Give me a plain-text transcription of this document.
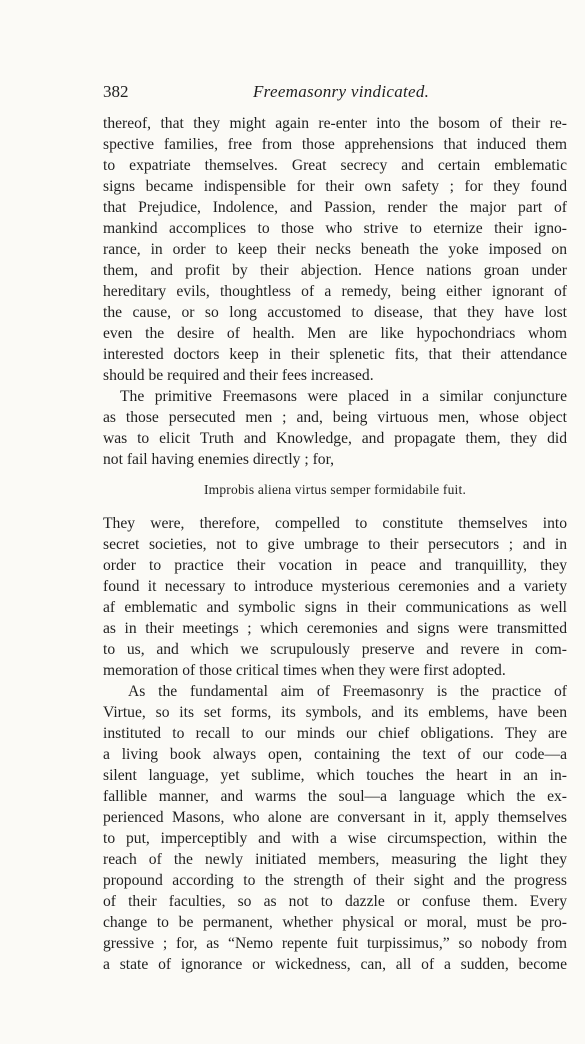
382	Freemasonry vindicated.
thereof, that they might again re-enter into the bosom of their re-
spective families, free from those apprehensions that induced them
to expatriate themselves. Great secrecy and certain emblematic
signs became indispensible for their own safety ; for they found
that Prejudice, Indolence, and Passion, render the major part of
mankind accomplices to those who strive to eternize their igno-
rance, in order to keep their necks beneath the yoke imposed on
them, and profit by their abjection. Hence nations groan under
hereditary evils, thoughtless of a remedy, being either ignorant of
the cause, or so long accustomed to disease, that they have lost
even the desire of health. Men are like hypochondriacs whom
interested doctors keep in their splenetic fits, that their attendance
should be required and their fees increased.
The primitive Freemasons were placed in a similar conjuncture
as those persecuted men ; and, being virtuous men, whose object
was to elicit Truth and Knowledge, and propagate them, they did
not fail having enemies directly ; for,
Improbis aliena virtus semper formidabile fuit.
They were, therefore, compelled to constitute themselves into
secret societies, not to give umbrage to their persecutors ; and in
order to practice their vocation in peace and tranquillity, they
found it necessary to introduce mysterious ceremonies and a variety
af emblematic and symbolic signs in their communications as well
as in their meetings ; which ceremonies and signs were transmitted
to us, and which we scrupulously preserve and revere in com-
memoration of those critical times when they were first adopted.
As the fundamental aim of Freemasonry is the practice of
Virtue, so its set forms, its symbols, and its emblems, have been
instituted to recall to our minds our chief obligations. They are
a living book always open, containing the text of our code—a
silent language, yet sublime, which touches the heart in an in-
fallible manner, and warms the soul—a language which the ex-
perienced Masons, who alone are conversant in it, apply themselves
to put, imperceptibly and with a wise circumspection, within the
reach of the newly initiated members, measuring the light they
propound according to the strength of their sight and the progress
of their faculties, so as not to dazzle or confuse them. Every
change to be permanent, whether physical or moral, must be pro-
gressive ; for, as “Nemo repente fuit turpissimus,” so nobody from
a state of ignorance or wickedness, can, all of a sudden, become
